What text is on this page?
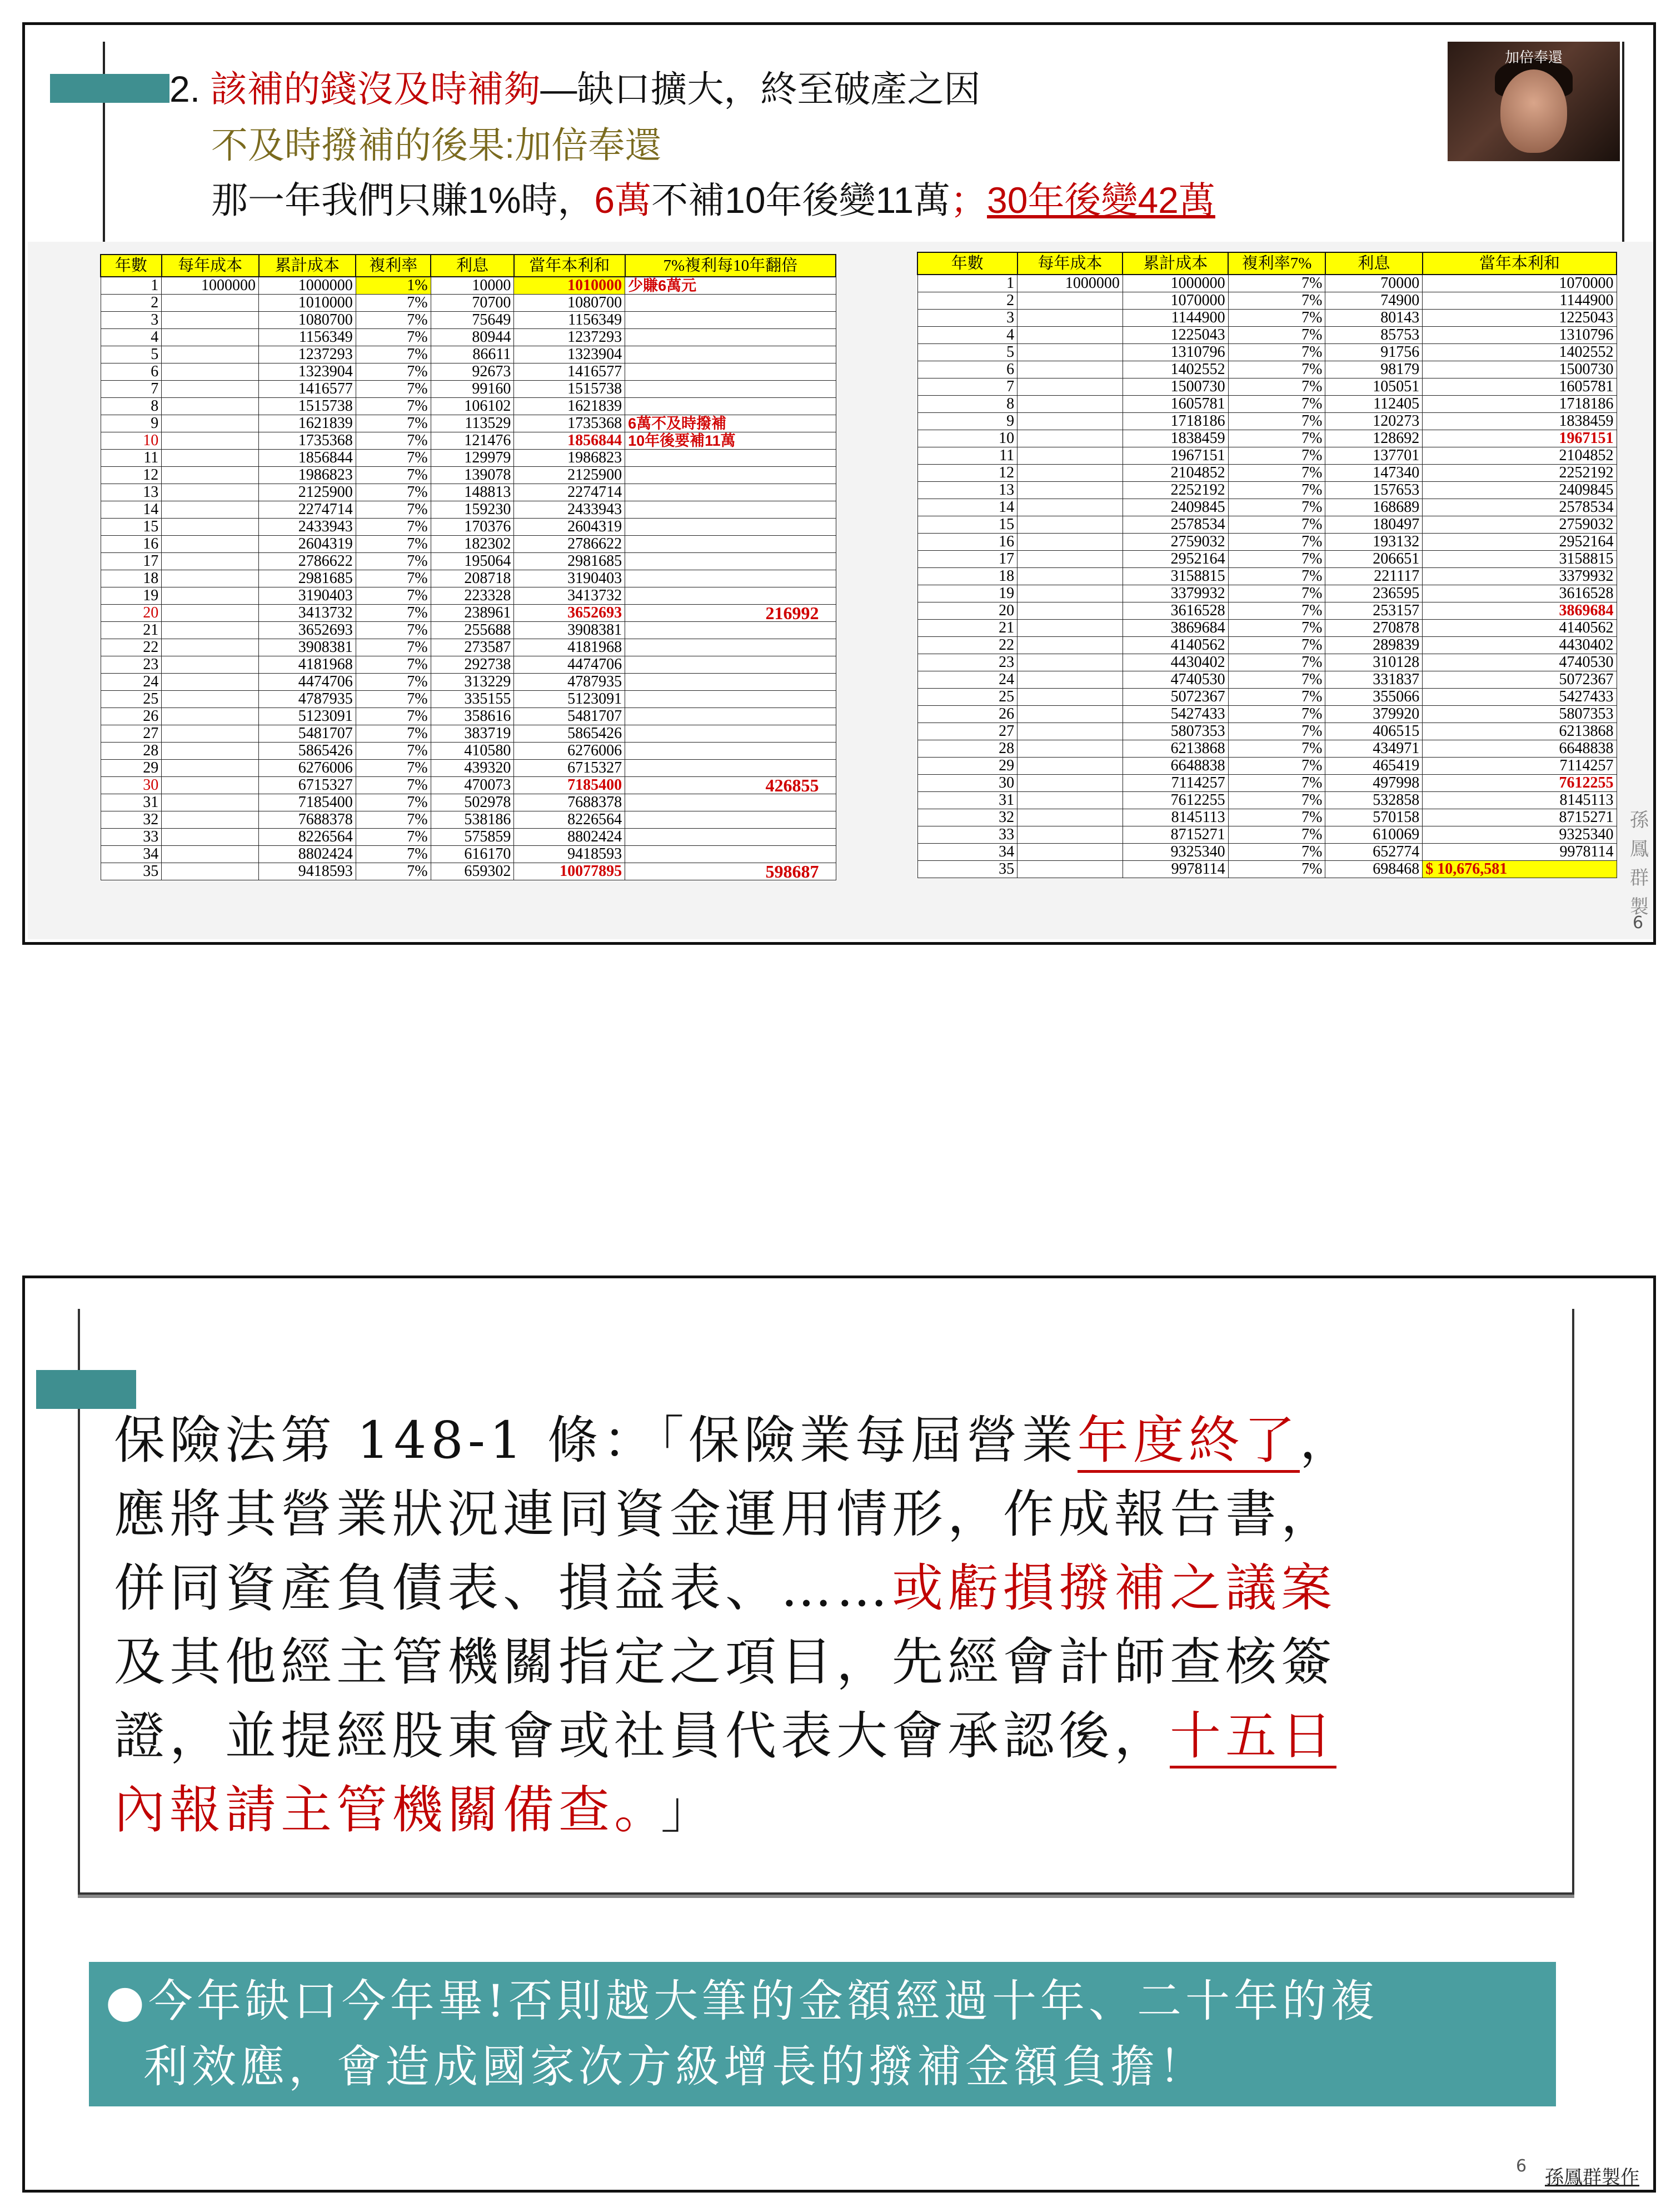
2. 該補的錢沒及時補夠—缺口擴大，終至破產之因
不及時撥補的後果:加倍奉還
那一年我們只賺1%時，6萬不補10年後變11萬；30年後變42萬
加倍奉還
年數	每年成本	累計成本	複利率	利息	當年本利和	7%複利每10年翻倍
1	1000000	1000000	1%	10000	1010000	少賺6萬元
2		1010000	7%	70700	1080700	
3		1080700	7%	75649	1156349	
4		1156349	7%	80944	1237293	
5		1237293	7%	86611	1323904	
6		1323904	7%	92673	1416577	
7		1416577	7%	99160	1515738	
8		1515738	7%	106102	1621839	
9		1621839	7%	113529	1735368	6萬不及時撥補
10		1735368	7%	121476	1856844	10年後要補11萬
11		1856844	7%	129979	1986823	
12		1986823	7%	139078	2125900	
13		2125900	7%	148813	2274714	
14		2274714	7%	159230	2433943	
15		2433943	7%	170376	2604319	
16		2604319	7%	182302	2786622	
17		2786622	7%	195064	2981685	
18		2981685	7%	208718	3190403	
19		3190403	7%	223328	3413732	
20		3413732	7%	238961	3652693	216992
21		3652693	7%	255688	3908381	
22		3908381	7%	273587	4181968	
23		4181968	7%	292738	4474706	
24		4474706	7%	313229	4787935	
25		4787935	7%	335155	5123091	
26		5123091	7%	358616	5481707	
27		5481707	7%	383719	5865426	
28		5865426	7%	410580	6276006	
29		6276006	7%	439320	6715327	
30		6715327	7%	470073	7185400	426855
31		7185400	7%	502978	7688378	
32		7688378	7%	538186	8226564	
33		8226564	7%	575859	8802424	
34		8802424	7%	616170	9418593	
35		9418593	7%	659302	10077895	598687
年數	每年成本	累計成本	複利率7%	利息	當年本利和
1	1000000	1000000	7%	70000	1070000
2		1070000	7%	74900	1144900
3		1144900	7%	80143	1225043
4		1225043	7%	85753	1310796
5		1310796	7%	91756	1402552
6		1402552	7%	98179	1500730
7		1500730	7%	105051	1605781
8		1605781	7%	112405	1718186
9		1718186	7%	120273	1838459
10		1838459	7%	128692	1967151
11		1967151	7%	137701	2104852
12		2104852	7%	147340	2252192
13		2252192	7%	157653	2409845
14		2409845	7%	168689	2578534
15		2578534	7%	180497	2759032
16		2759032	7%	193132	2952164
17		2952164	7%	206651	3158815
18		3158815	7%	221117	3379932
19		3379932	7%	236595	3616528
20		3616528	7%	253157	3869684
21		3869684	7%	270878	4140562
22		4140562	7%	289839	4430402
23		4430402	7%	310128	4740530
24		4740530	7%	331837	5072367
25		5072367	7%	355066	5427433
26		5427433	7%	379920	5807353
27		5807353	7%	406515	6213868
28		6213868	7%	434971	6648838
29		6648838	7%	465419	7114257
30		7114257	7%	497998	7612255
31		7612255	7%	532858	8145113
32		8145113	7%	570158	8715271
33		8715271	7%	610069	9325340
34		9325340	7%	652774	9978114
35		9978114	7%	698468	$ 10,676,581
孫鳳群製
6
保險法第 148-1 條：「保險業每屆營業年度終了，
應將其營業狀況連同資金運用情形，作成報告書，
併同資產負債表、損益表、……或虧損撥補之議案
及其他經主管機關指定之項目，先經會計師查核簽
證，並提經股東會或社員代表大會承認後，十五日
內報請主管機關備查。 」
●今年缺口今年畢!否則越大筆的金額經過十年、二十年的複
利效應，會造成國家次方級增長的撥補金額負擔！
6
孫鳳群製作
